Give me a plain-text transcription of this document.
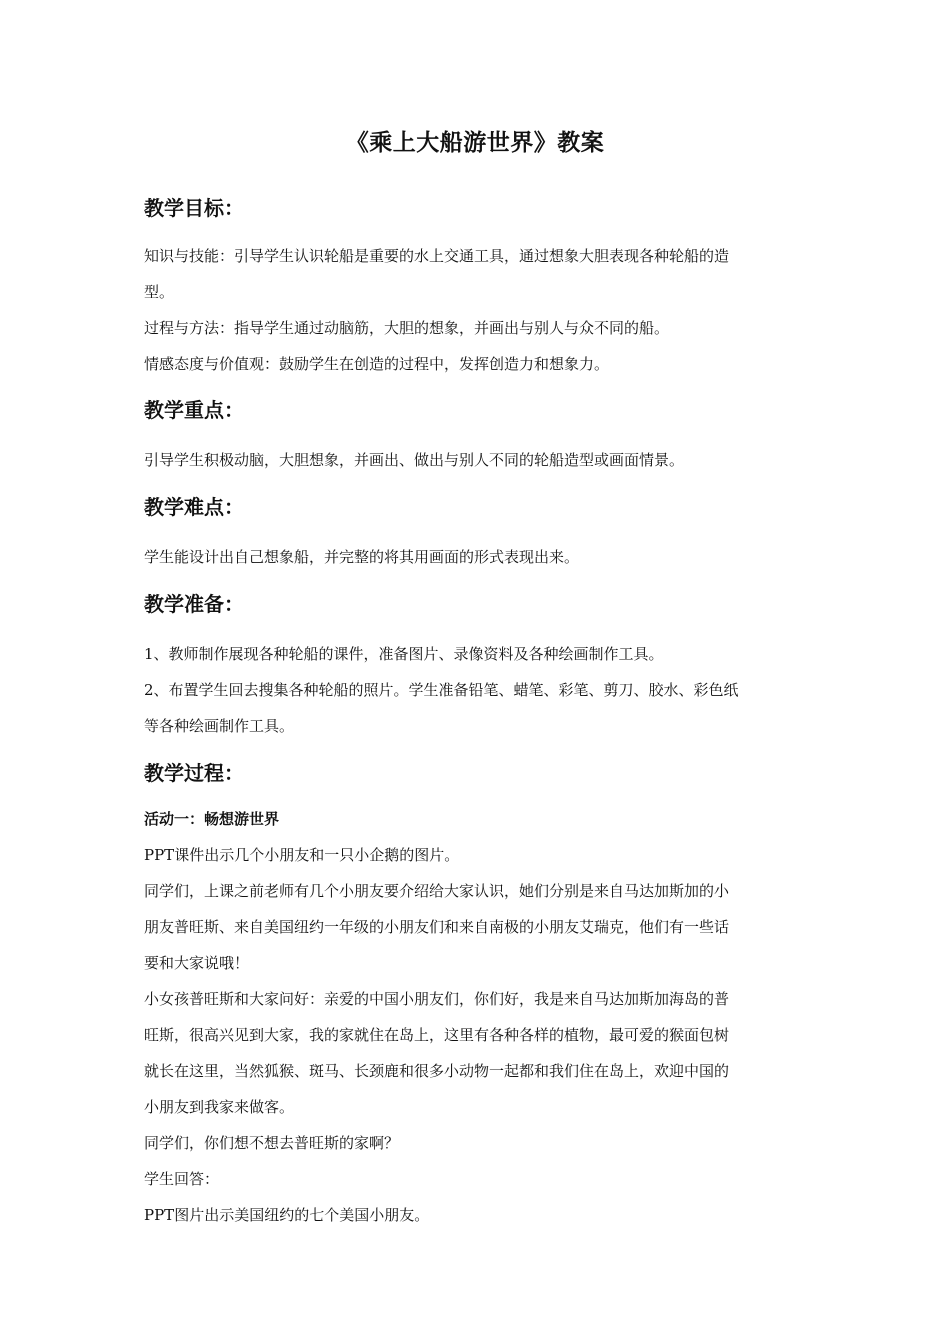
《乘上大船游世界》教案

教学目标：

知识与技能：引导学生认识轮船是重要的水上交通工具，通过想象大胆表现各种轮船的造

型。

过程与方法：指导学生通过动脑筋，大胆的想象，并画出与别人与众不同的船。

情感态度与价值观：鼓励学生在创造的过程中，发挥创造力和想象力。

教学重点：

引导学生积极动脑，大胆想象，并画出、做出与别人不同的轮船造型或画面情景。

教学难点：

学生能设计出自己想象船，并完整的将其用画面的形式表现出来。

教学准备：

1、教师制作展现各种轮船的课件，准备图片、录像资料及各种绘画制作工具。

2、布置学生回去搜集各种轮船的照片。学生准备铅笔、蜡笔、彩笔、剪刀、胶水、彩色纸

等各种绘画制作工具。

教学过程：

活动一：畅想游世界

PPT课件出示几个小朋友和一只小企鹅的图片。

同学们，上课之前老师有几个小朋友要介绍给大家认识，她们分别是来自马达加斯加的小

朋友普旺斯、来自美国纽约一年级的小朋友们和来自南极的小朋友艾瑞克，他们有一些话

要和大家说哦！

小女孩普旺斯和大家问好：亲爱的中国小朋友们，你们好，我是来自马达加斯加海岛的普

旺斯，很高兴见到大家，我的家就住在岛上，这里有各种各样的植物，最可爱的猴面包树

就长在这里，当然狐猴、斑马、长颈鹿和很多小动物一起都和我们住在岛上，欢迎中国的

小朋友到我家来做客。

同学们，你们想不想去普旺斯的家啊？

学生回答：

PPT图片出示美国纽约的七个美国小朋友。
